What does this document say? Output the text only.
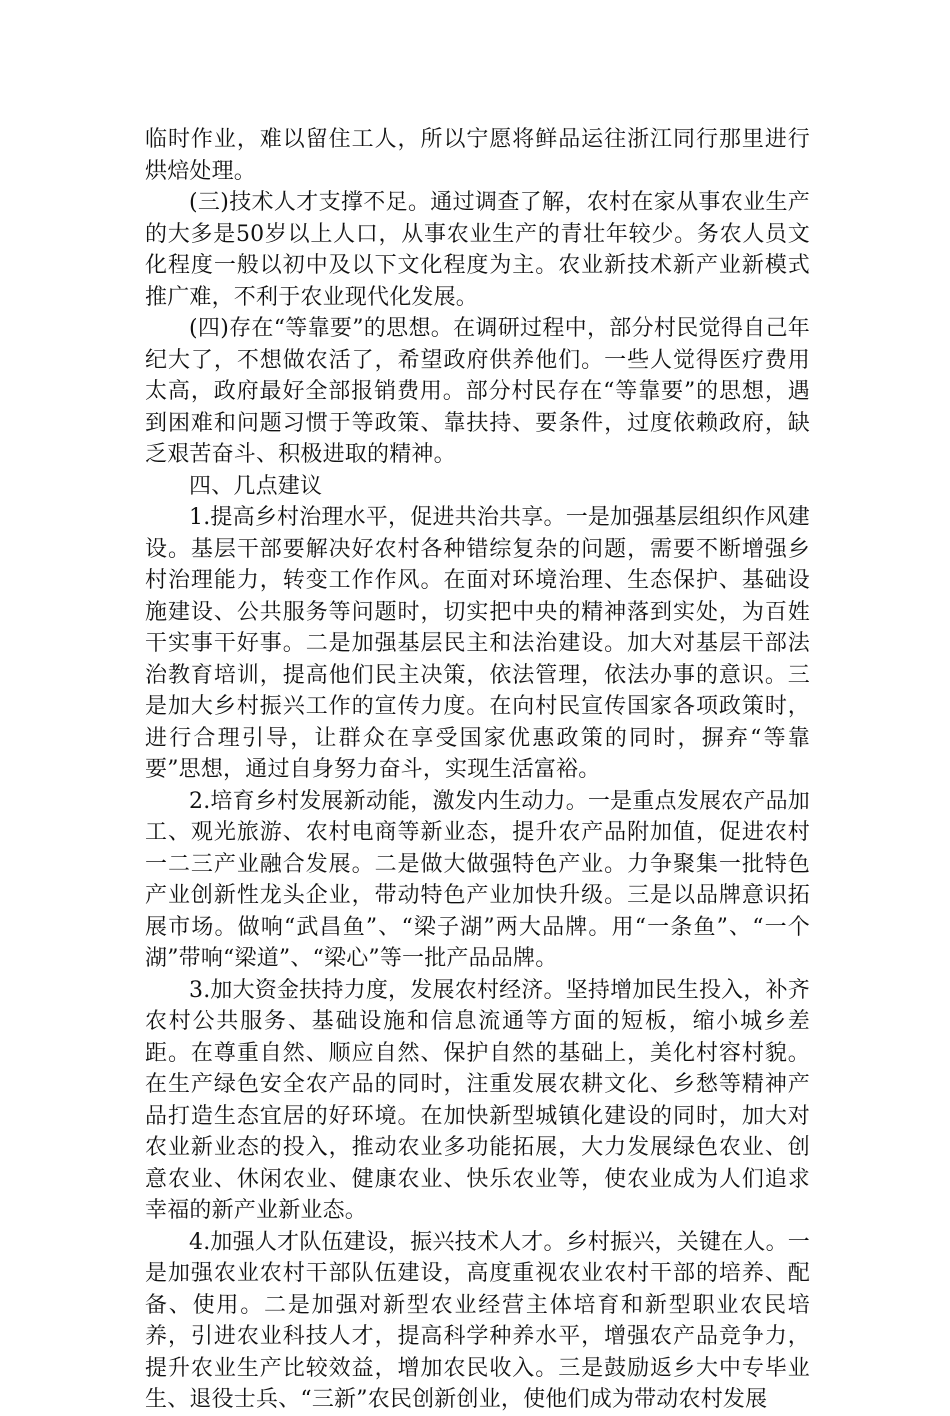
临时作业，难以留住工人，所以宁愿将鲜品运往浙江同行那里进行烘焙处理。

(三)技术人才支撑不足。通过调查了解，农村在家从事农业生产的大多是50岁以上人口，从事农业生产的青壮年较少。务农人员文化程度一般以初中及以下文化程度为主。农业新技术新产业新模式推广难，不利于农业现代化发展。

(四)存在“等靠要”的思想。在调研过程中，部分村民觉得自己年纪大了，不想做农活了，希望政府供养他们。一些人觉得医疗费用太高，政府最好全部报销费用。部分村民存在“等靠要”的思想，遇到困难和问题习惯于等政策、靠扶持、要条件，过度依赖政府，缺乏艰苦奋斗、积极进取的精神。

四、几点建议

1.提高乡村治理水平，促进共治共享。一是加强基层组织作风建设。基层干部要解决好农村各种错综复杂的问题，需要不断增强乡村治理能力，转变工作作风。在面对环境治理、生态保护、基础设施建设、公共服务等问题时，切实把中央的精神落到实处，为百姓干实事干好事。二是加强基层民主和法治建设。加大对基层干部法治教育培训，提高他们民主决策，依法管理，依法办事的意识。三是加大乡村振兴工作的宣传力度。在向村民宣传国家各项政策时，进行合理引导，让群众在享受国家优惠政策的同时，摒弃“等靠要”思想，通过自身努力奋斗，实现生活富裕。

2.培育乡村发展新动能，激发内生动力。一是重点发展农产品加工、观光旅游、农村电商等新业态，提升农产品附加值，促进农村一二三产业融合发展。二是做大做强特色产业。力争聚集一批特色产业创新性龙头企业，带动特色产业加快升级。三是以品牌意识拓展市场。做响“武昌鱼”、“梁子湖”两大品牌。用“一条鱼”、“一个湖”带响“梁道”、“梁心”等一批产品品牌。

3.加大资金扶持力度，发展农村经济。坚持增加民生投入，补齐农村公共服务、基础设施和信息流通等方面的短板，缩小城乡差距。在尊重自然、顺应自然、保护自然的基础上，美化村容村貌。在生产绿色安全农产品的同时，注重发展农耕文化、乡愁等精神产品打造生态宜居的好环境。在加快新型城镇化建设的同时，加大对农业新业态的投入，推动农业多功能拓展，大力发展绿色农业、创意农业、休闲农业、健康农业、快乐农业等，使农业成为人们追求幸福的新产业新业态。

4.加强人才队伍建设，振兴技术人才。乡村振兴，关键在人。一是加强农业农村干部队伍建设，高度重视农业农村干部的培养、配备、使用。二是加强对新型农业经营主体培育和新型职业农民培养，引进农业科技人才，提高科学种养水平，增强农产品竞争力，提升农业生产比较效益，增加农民收入。三是鼓励返乡大中专毕业生、退役士兵、“三新”农民创新创业，使他们成为带动农村发展
